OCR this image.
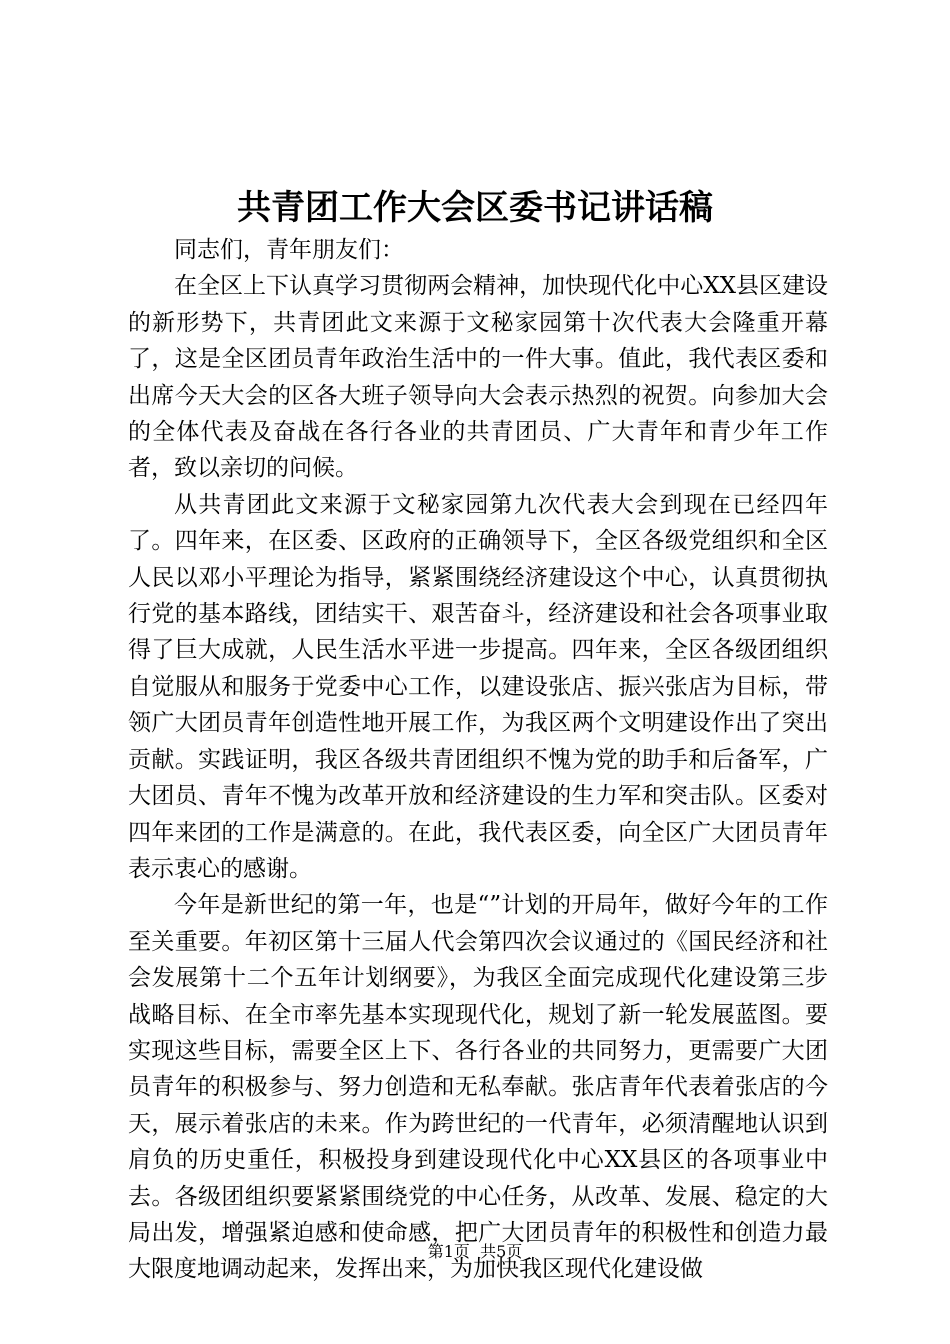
共青团工作大会区委书记讲话稿

同志们，青年朋友们：

在全区上下认真学习贯彻两会精神，加快现代化中心XX县区建设的新形势下，共青团此文来源于文秘家园第十次代表大会隆重开幕了，这是全区团员青年政治生活中的一件大事。值此，我代表区委和出席今天大会的区各大班子领导向大会表示热烈的祝贺。向参加大会的全体代表及奋战在各行各业的共青团员、广大青年和青少年工作者，致以亲切的问候。

从共青团此文来源于文秘家园第九次代表大会到现在已经四年了。四年来，在区委、区政府的正确领导下，全区各级党组织和全区人民以邓小平理论为指导，紧紧围绕经济建设这个中心，认真贯彻执行党的基本路线，团结实干、艰苦奋斗，经济建设和社会各项事业取得了巨大成就，人民生活水平进一步提高。四年来，全区各级团组织自觉服从和服务于党委中心工作，以建设张店、振兴张店为目标，带领广大团员青年创造性地开展工作，为我区两个文明建设作出了突出贡献。实践证明，我区各级共青团组织不愧为党的助手和后备军，广大团员、青年不愧为改革开放和经济建设的生力军和突击队。区委对四年来团的工作是满意的。在此，我代表区委，向全区广大团员青年表示衷心的感谢。

今年是新世纪的第一年，也是“”计划的开局年，做好今年的工作至关重要。年初区第十三届人代会第四次会议通过的《国民经济和社会发展第十二个五年计划纲要》，为我区全面完成现代化建设第三步战略目标、在全市率先基本实现现代化，规划了新一轮发展蓝图。要实现这些目标，需要全区上下、各行各业的共同努力，更需要广大团员青年的积极参与、努力创造和无私奉献。张店青年代表着张店的今天，展示着张店的未来。作为跨世纪的一代青年，必须清醒地认识到肩负的历史重任，积极投身到建设现代化中心XX县区的各项事业中去。各级团组织要紧紧围绕党的中心任务，从改革、发展、稳定的大局出发，增强紧迫感和使命感，把广大团员青年的积极性和创造力最大限度地调动起来，发挥出来，为加快我区现代化建设做

第1页 共5页
